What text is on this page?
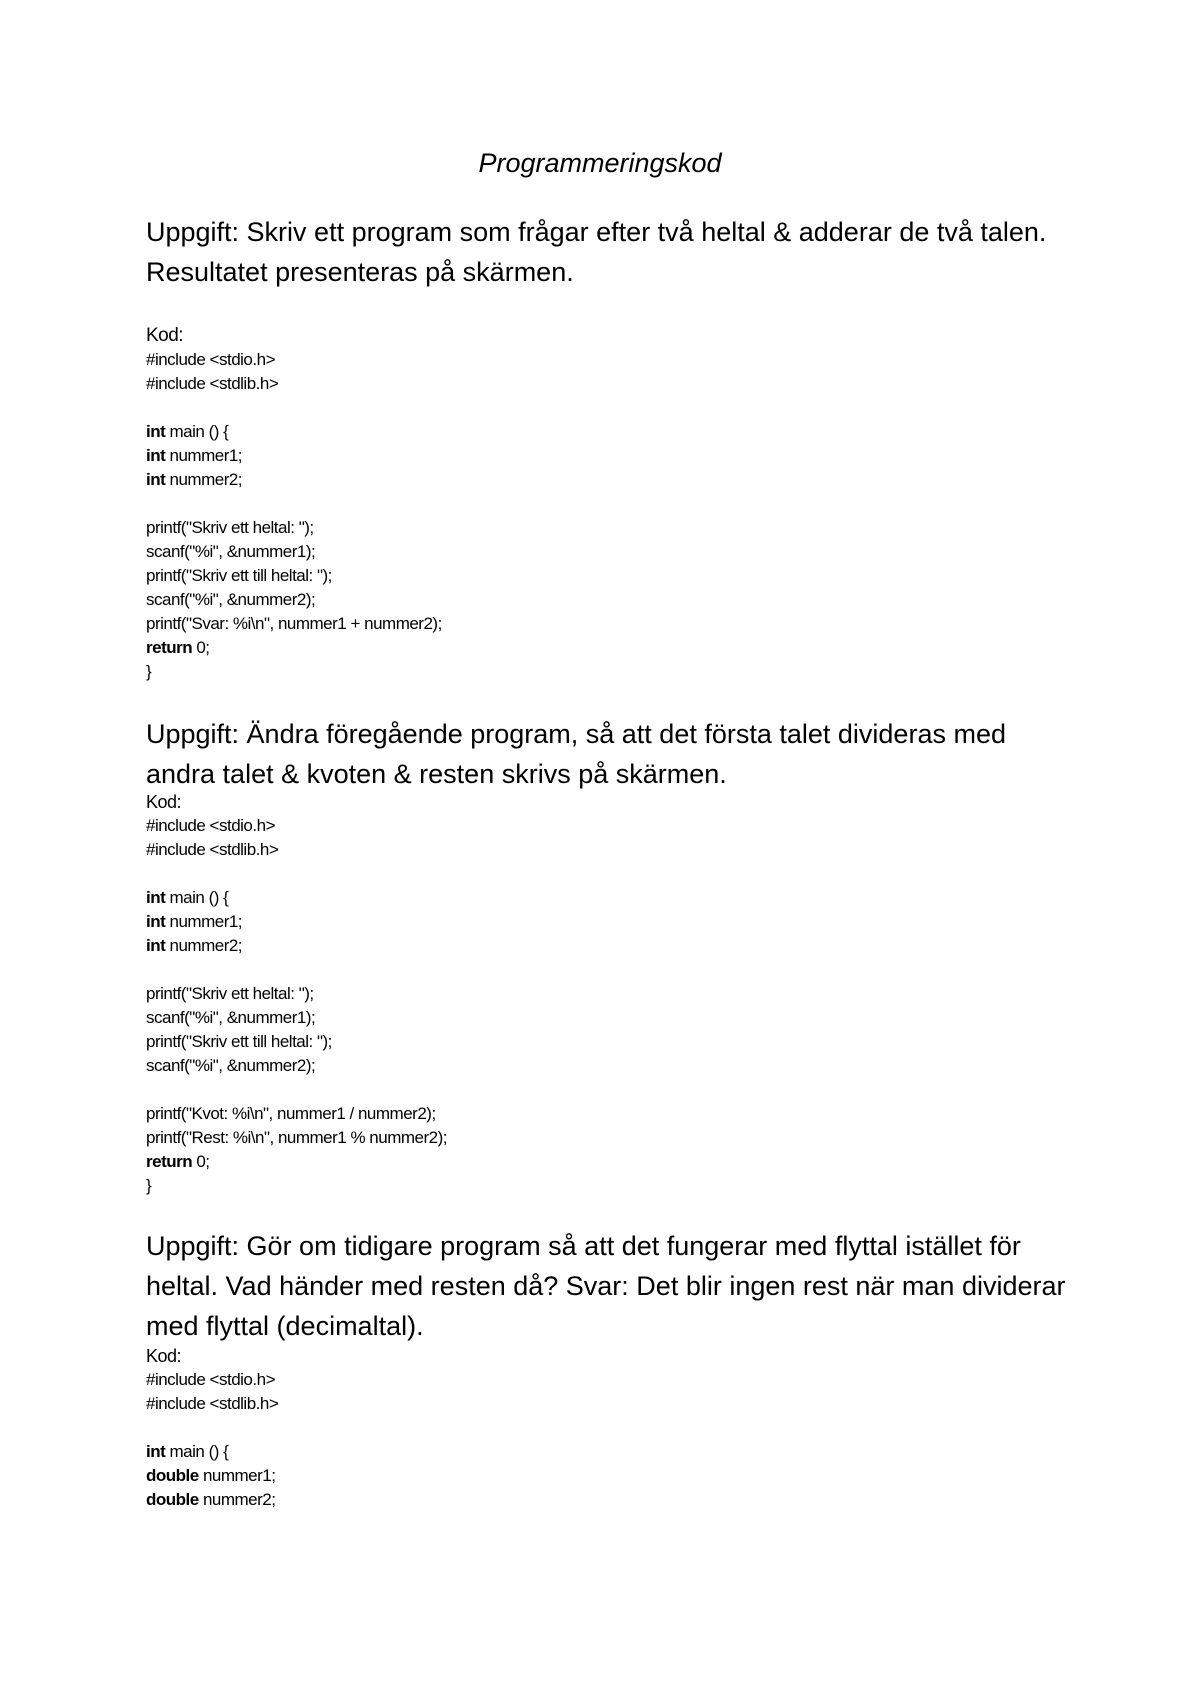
Programmeringskod
Uppgift: Skriv ett program som frågar efter två heltal & adderar de två talen. Resultatet presenteras på skärmen.
Kod:
#include <stdio.h>
#include <stdlib.h>
int main () {
int nummer1;
int nummer2;
printf("Skriv ett heltal: ");
scanf("%i", &nummer1);
printf("Skriv ett till heltal: ");
scanf("%i", &nummer2);
printf("Svar: %i\n", nummer1 + nummer2);
return 0;
}
Uppgift: Ändra föregående program, så att det första talet divideras med andra talet & kvoten & resten skrivs på skärmen.
Kod:
#include <stdio.h>
#include <stdlib.h>
int main () {
int nummer1;
int nummer2;
printf("Skriv ett heltal: ");
scanf("%i", &nummer1);
printf("Skriv ett till heltal: ");
scanf("%i", &nummer2);
printf("Kvot: %i\n", nummer1 / nummer2);
printf("Rest: %i\n", nummer1 % nummer2);
return 0;
}
Uppgift: Gör om tidigare program så att det fungerar med flyttal istället för heltal. Vad händer med resten då? Svar: Det blir ingen rest när man dividerar med flyttal (decimaltal).
Kod:
#include <stdio.h>
#include <stdlib.h>
int main () {
double nummer1;
double nummer2;
